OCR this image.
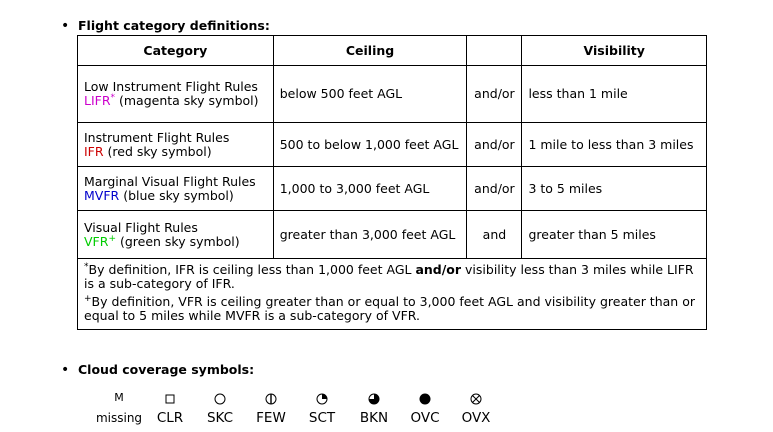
• Flight category definitions:
Category	Ceiling		Visibility
Low Instrument Flight Rules
LIFR* (magenta sky symbol)	below 500 feet AGL	and/or	less than 1 mile
Instrument Flight Rules
IFR (red sky symbol)	500 to below 1,000 feet AGL	and/or	1 mile to less than 3 miles
Marginal Visual Flight Rules
MVFR (blue sky symbol)	1,000 to 3,000 feet AGL	and/or	3 to 5 miles
Visual Flight Rules
VFR+ (green sky symbol)	greater than 3,000 feet AGL	and	greater than 5 miles

*By definition, IFR is ceiling less than 1,000 feet AGL and/or visibility less than 3 miles while LIFR is a sub-category of IFR.

+By definition, VFR is ceiling greater than or equal to 3,000 feet AGL and visibility greater than or equal to 5 miles while MVFR is a sub-category of VFR.			

• Cloud coverage symbols:
M
missing	CLR	SKC	FEW	SCT	BKN OVC OVX
